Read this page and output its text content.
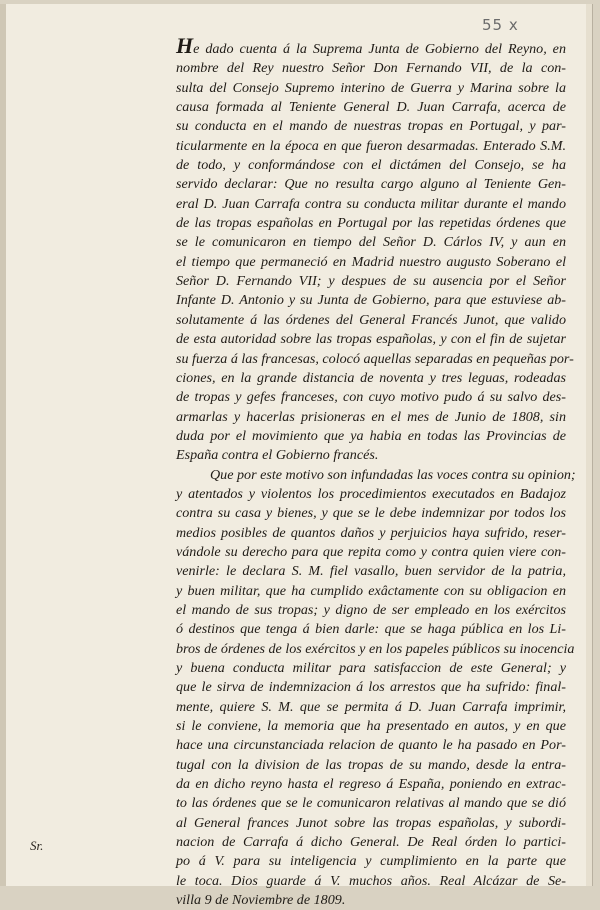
55 x
He dado cuenta á la Suprema Junta de Gobierno del Reyno, en
nombre del Rey nuestro Señor Don Fernando VII, de la con-
sulta del Consejo Supremo interino de Guerra y Marina sobre la
causa formada al Teniente General D. Juan Carrafa, acerca de
su conducta en el mando de nuestras tropas en Portugal, y par-
ticularmente en la época en que fueron desarmadas. Enterado S.M.
de todo, y conformándose con el dictámen del Consejo, se ha
servido declarar: Que no resulta cargo alguno al Teniente Gen-
eral D. Juan Carrafa contra su conducta militar durante el mando
de las tropas españolas en Portugal por las repetidas órdenes que
se le comunicaron en tiempo del Señor D. Cárlos IV, y aun en
el tiempo que permaneció en Madrid nuestro augusto Soberano el
Señor D. Fernando VII; y despues de su ausencia por el Señor
Infante D. Antonio y su Junta de Gobierno, para que estuviese ab-
solutamente á las órdenes del General Francés Junot, que valido
de esta autoridad sobre las tropas españolas, y con el fin de sujetar
su fuerza á las francesas, colocó aquellas separadas en pequeñas por-
ciones, en la grande distancia de noventa y tres leguas, rodeadas
de tropas y gefes franceses, con cuyo motivo pudo á su salvo des-
armarlas y hacerlas prisioneras en el mes de Junio de 1808, sin
duda por el movimiento que ya habia en todas las Provincias de
España contra el Gobierno francés.
Que por este motivo son infundadas las voces contra su opinion;
y atentados y violentos los procedimientos executados en Badajoz
contra su casa y bienes, y que se le debe indemnizar por todos los
medios posibles de quantos daños y perjuicios haya sufrido, reser-
vándole su derecho para que repita como y contra quien viere con-
venirle: le declara S. M. fiel vasallo, buen servidor de la patria,
y buen militar, que ha cumplido exâctamente con su obligacion en
el mando de sus tropas; y digno de ser empleado en los exércitos
ó destinos que tenga á bien darle: que se haga pública en los Li-
bros de órdenes de los exércitos y en los papeles públicos su inocencia
y buena conducta militar para satisfaccion de este General; y
que le sirva de indemnizacion á los arrestos que ha sufrido: final-
mente, quiere S. M. que se permita á D. Juan Carrafa imprimir,
si le conviene, la memoria que ha presentado en autos, y en que
hace una circunstanciada relacion de quanto le ha pasado en Por-
tugal con la division de las tropas de su mando, desde la entra-
da en dicho reyno hasta el regreso á España, poniendo en extrac-
to las órdenes que se le comunicaron relativas al mando que se dió
al General frances Junot sobre las tropas españolas, y subordi-
nacion de Carrafa á dicho General. De Real órden lo partici-
po á V. para su inteligencia y cumplimiento en la parte que
le toca. Dios guarde á V. muchos años. Real Alcázar de Se-
villa 9 de Noviembre de 1809.
Sr.
